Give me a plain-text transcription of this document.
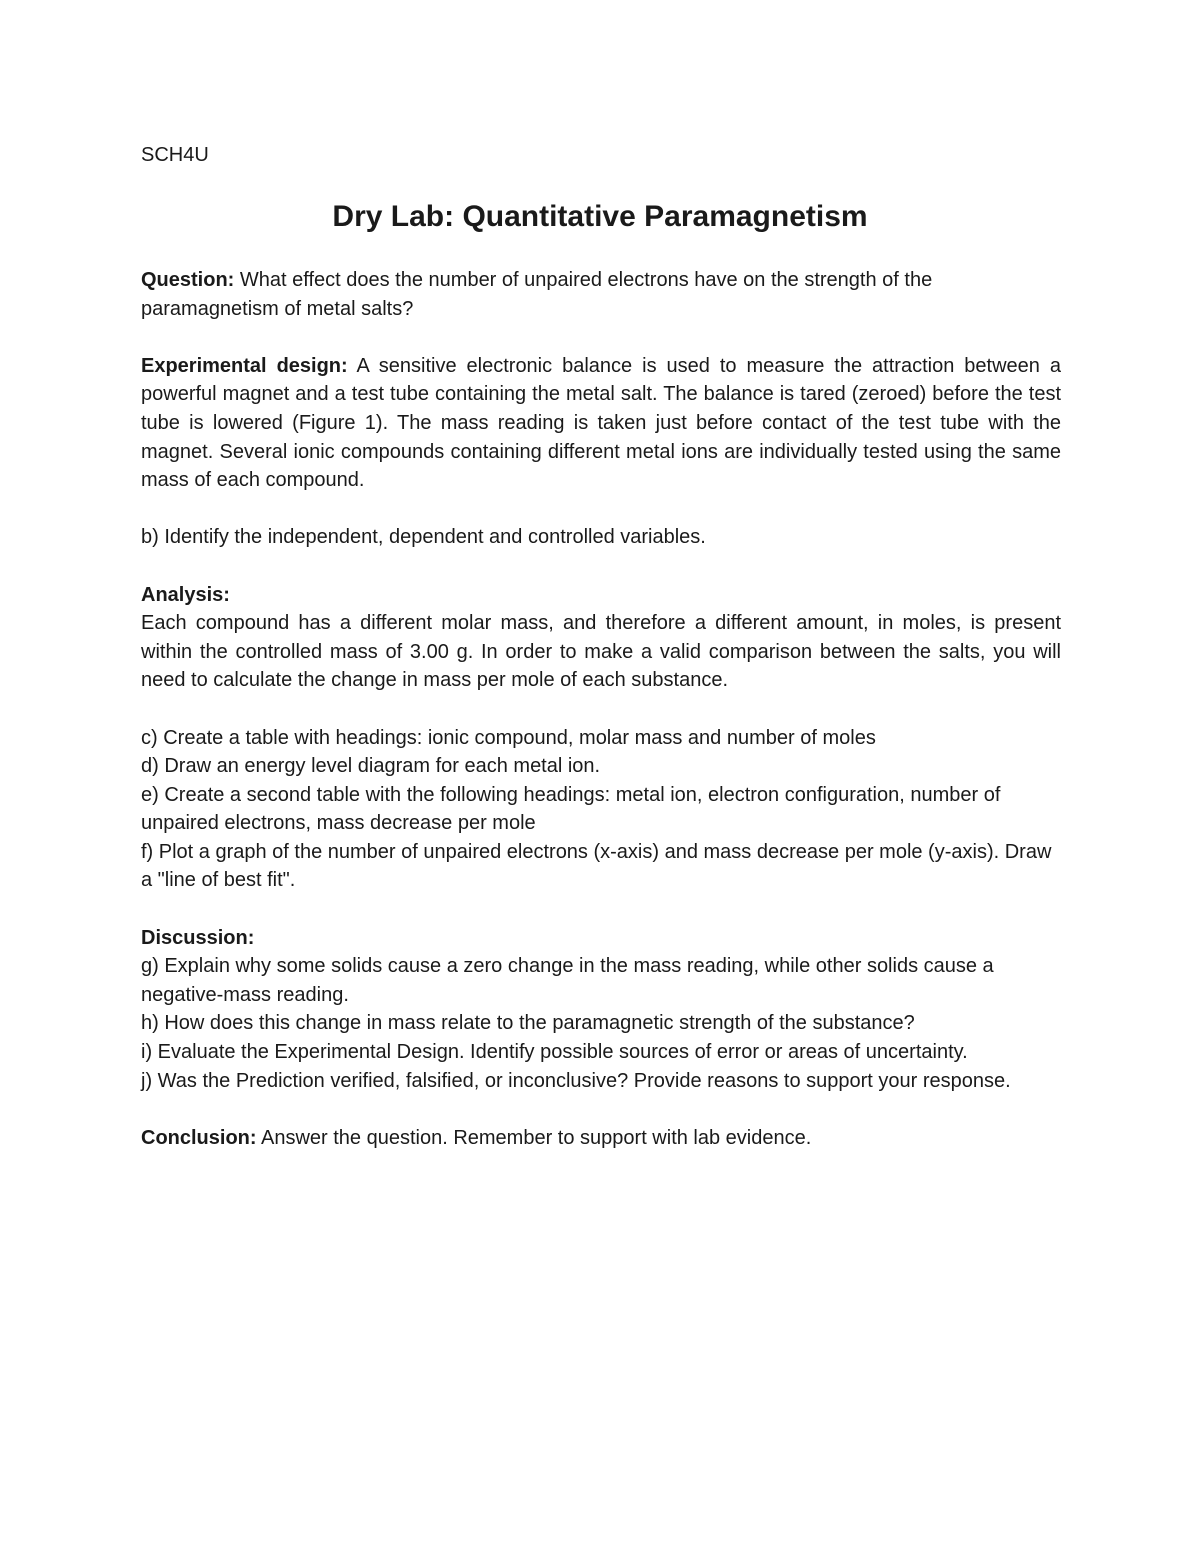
SCH4U
Dry Lab: Quantitative Paramagnetism

Question: What effect does the number of unpaired electrons have on the strength of the paramagnetism of metal salts?

Experimental design: A sensitive electronic balance is used to measure the attraction between a powerful magnet and a test tube containing the metal salt. The balance is tared (zeroed) before the test tube is lowered (Figure 1). The mass reading is taken just before contact of the test tube with the magnet. Several ionic compounds containing different metal ions are individually tested using the same mass of each compound.

b) Identify the independent, dependent and controlled variables.

Analysis:

Each compound has a different molar mass, and therefore a different amount, in moles, is present within the controlled mass of 3.00 g. In order to make a valid comparison between the salts, you will need to calculate the change in mass per mole of each substance.

c) Create a table with headings: ionic compound, molar mass and number of moles

d) Draw an energy level diagram for each metal ion.

e) Create a second table with the following headings: metal ion, electron configuration, number of unpaired electrons, mass decrease per mole

f) Plot a graph of the number of unpaired electrons (x-axis) and mass decrease per mole (y-axis). Draw a "line of best fit".

Discussion:

g) Explain why some solids cause a zero change in the mass reading, while other solids cause a negative-mass reading.

h) How does this change in mass relate to the paramagnetic strength of the substance?

i) Evaluate the Experimental Design. Identify possible sources of error or areas of uncertainty.

j) Was the Prediction verified, falsified, or inconclusive? Provide reasons to support your response.

Conclusion: Answer the question. Remember to support with lab evidence.
